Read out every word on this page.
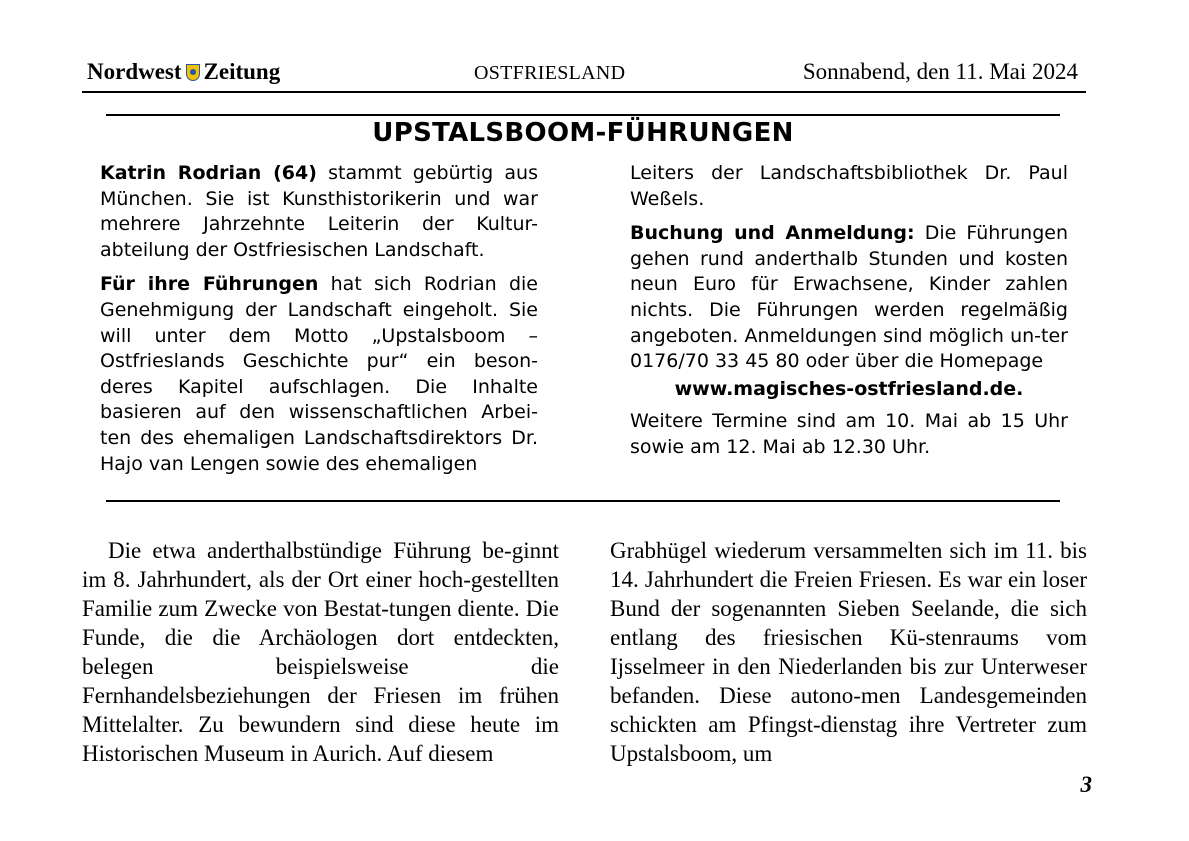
Nordwest Zeitung	OSTFRIESLAND	Sonnabend, den 11. Mai 2024
UPSTALSBOOM-FÜHRUNGEN

Katrin Rodrian (64) stammt gebürtig aus München. Sie ist Kunsthistorikerin und war mehrere Jahrzehnte Leiterin der Kultur-abteilung der Ostfriesischen Landschaft.

Für ihre Führungen hat sich Rodrian die Genehmigung der Landschaft eingeholt. Sie will unter dem Motto „Upstalsboom – Ostfrieslands Geschichte pur“ ein beson-deres Kapitel aufschlagen. Die Inhalte basieren auf den wissenschaftlichen Arbei-ten des ehemaligen Landschaftsdirektors Dr. Hajo van Lengen sowie des ehemaligen

Leiters der Landschaftsbibliothek Dr. Paul Weßels.

Buchung und Anmeldung: Die Führungen gehen rund anderthalb Stunden und kosten neun Euro für Erwachsene, Kinder zahlen nichts. Die Führungen werden regelmäßig angeboten. Anmeldungen sind möglich un-ter 0176/70 33 45 80 oder über die Homepage

www.magisches-ostfriesland.de.

Weitere Termine sind am 10. Mai ab 15 Uhr sowie am 12. Mai ab 12.30 Uhr.

Die etwa anderthalbstündige Führung be-ginnt im 8. Jahrhundert, als der Ort einer hoch-gestellten Familie zum Zwecke von Bestat-tungen diente. Die Funde, die die Archäologen dort entdeckten, belegen beispielsweise die Fernhandelsbeziehungen der Friesen im frühen Mittelalter. Zu bewundern sind diese heute im Historischen Museum in Aurich. Auf diesem

Grabhügel wiederum versammelten sich im 11. bis 14. Jahrhundert die Freien Friesen. Es war ein loser Bund der sogenannten Sieben Seelande, die sich entlang des friesischen Kü-stenraums vom Ijsselmeer in den Niederlanden bis zur Unterweser befanden. Diese autono-men Landesgemeinden schickten am Pfingst-dienstag ihre Vertreter zum Upstalsboom, um

3
